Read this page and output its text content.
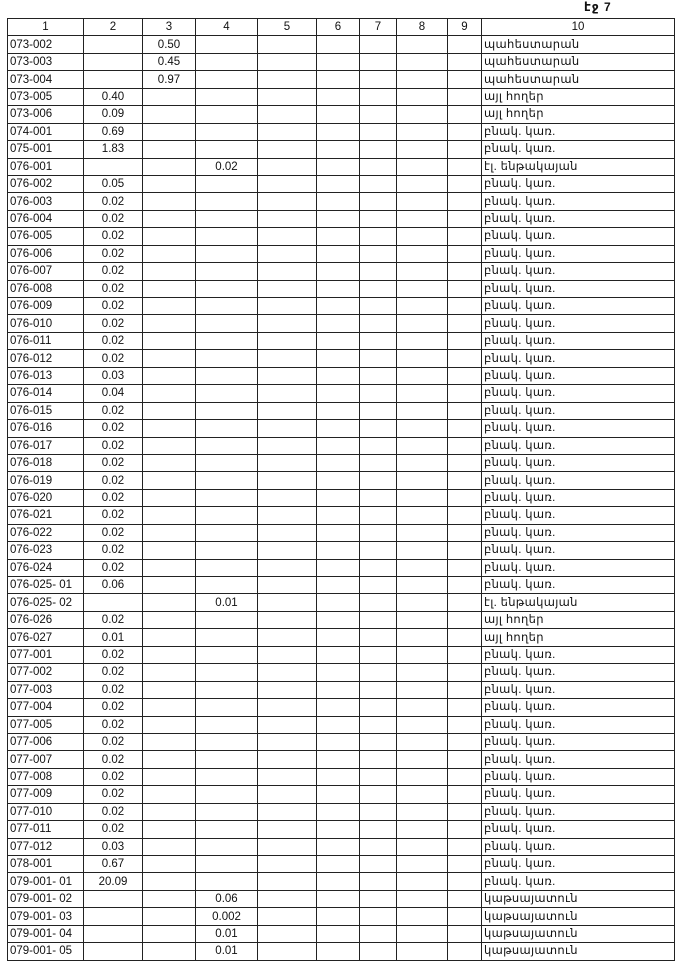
էջ 7
1	2	3	4	5	6	7	8	9	10
073-002		0.50							պահեստարան
073-003		0.45							պահեստարան
073-004		0.97							պահեստարան
073-005	0.40								այլ հողեր
073-006	0.09								այլ հողեր
074-001	0.69								բնակ. կառ.
075-001	1.83								բնակ. կառ.
076-001			0.02						էլ. ենթակայան
076-002	0.05								բնակ. կառ.
076-003	0.02								բնակ. կառ.
076-004	0.02								բնակ. կառ.
076-005	0.02								բնակ. կառ.
076-006	0.02								բնակ. կառ.
076-007	0.02								բնակ. կառ.
076-008	0.02								բնակ. կառ.
076-009	0.02								բնակ. կառ.
076-010	0.02								բնակ. կառ.
076-011	0.02								բնակ. կառ.
076-012	0.02								բնակ. կառ.
076-013	0.03								բնակ. կառ.
076-014	0.04								բնակ. կառ.
076-015	0.02								բնակ. կառ.
076-016	0.02								բնակ. կառ.
076-017	0.02								բնակ. կառ.
076-018	0.02								բնակ. կառ.
076-019	0.02								բնակ. կառ.
076-020	0.02								բնակ. կառ.
076-021	0.02								բնակ. կառ.
076-022	0.02								բնակ. կառ.
076-023	0.02								բնակ. կառ.
076-024	0.02								բնակ. կառ.
076-025- 01	0.06								բնակ. կառ.
076-025- 02			0.01						էլ. ենթակայան
076-026	0.02								այլ հողեր
076-027	0.01								այլ հողեր
077-001	0.02								բնակ. կառ.
077-002	0.02								բնակ. կառ.
077-003	0.02								բնակ. կառ.
077-004	0.02								բնակ. կառ.
077-005	0.02								բնակ. կառ.
077-006	0.02								բնակ. կառ.
077-007	0.02								բնակ. կառ.
077-008	0.02								բնակ. կառ.
077-009	0.02								բնակ. կառ.
077-010	0.02								բնակ. կառ.
077-011	0.02								բնակ. կառ.
077-012	0.03								բնակ. կառ.
078-001	0.67								բնակ. կառ.
079-001- 01	20.09								բնակ. կառ.
079-001- 02			0.06						կաթսայատուն
079-001- 03			0.002						կաթսայատուն
079-001- 04			0.01						կաթսայատուն
079-001- 05			0.01						կաթսայատուն
